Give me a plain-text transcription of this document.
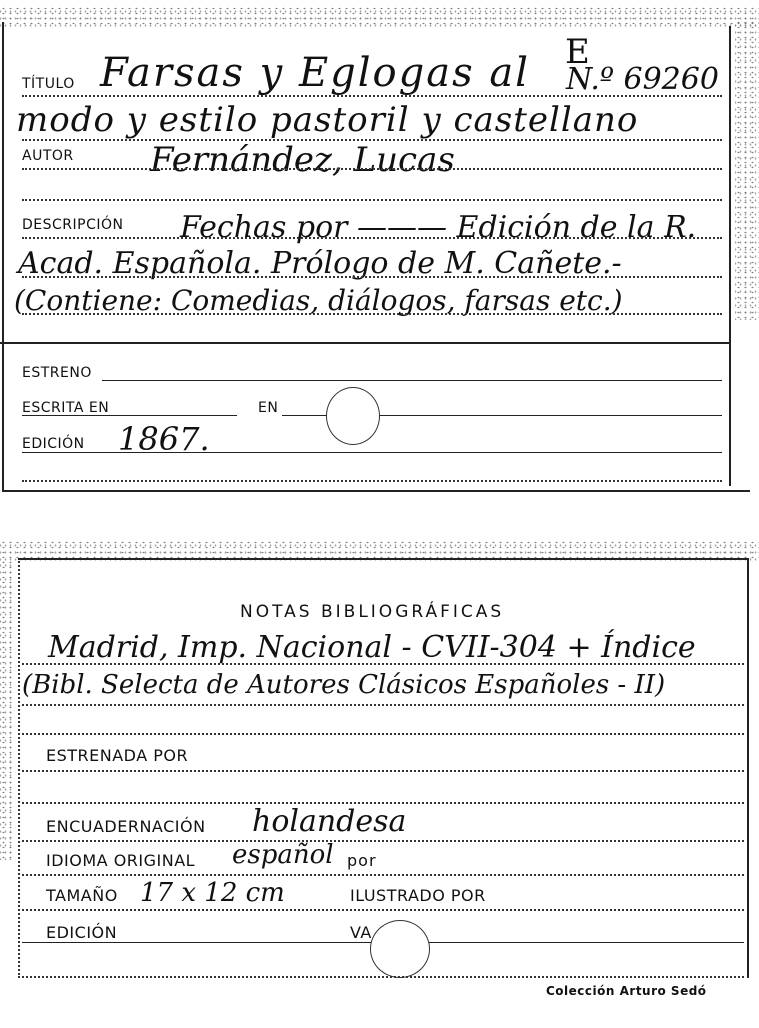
TÍTULO Farsas y Eglogas al E
N.º 69260
modo y estilo pastoril y castellano
AUTOR Fernández, Lucas
DESCRIPCIÓN Fechas por ——— Edición de la R.
Acad. Española. Prólogo de M. Cañete.-
(Contiene: Comedias, diálogos, farsas etc.)
ESTRENO
ESCRITA EN	EN
EDICIÓN 1867.
NOTAS BIBLIOGRÁFICAS
Madrid, Imp. Nacional - CVII-304 + Índice
(Bibl. Selecta de Autores Clásicos Españoles - II)
ESTRENADA POR
ENCUADERNACIÓN holandesa
IDIOMA ORIGINAL español por
TAMAÑO 17 x 12 cm	ILUSTRADO POR
EDICIÓN	VA
Colección Arturo Sedó
